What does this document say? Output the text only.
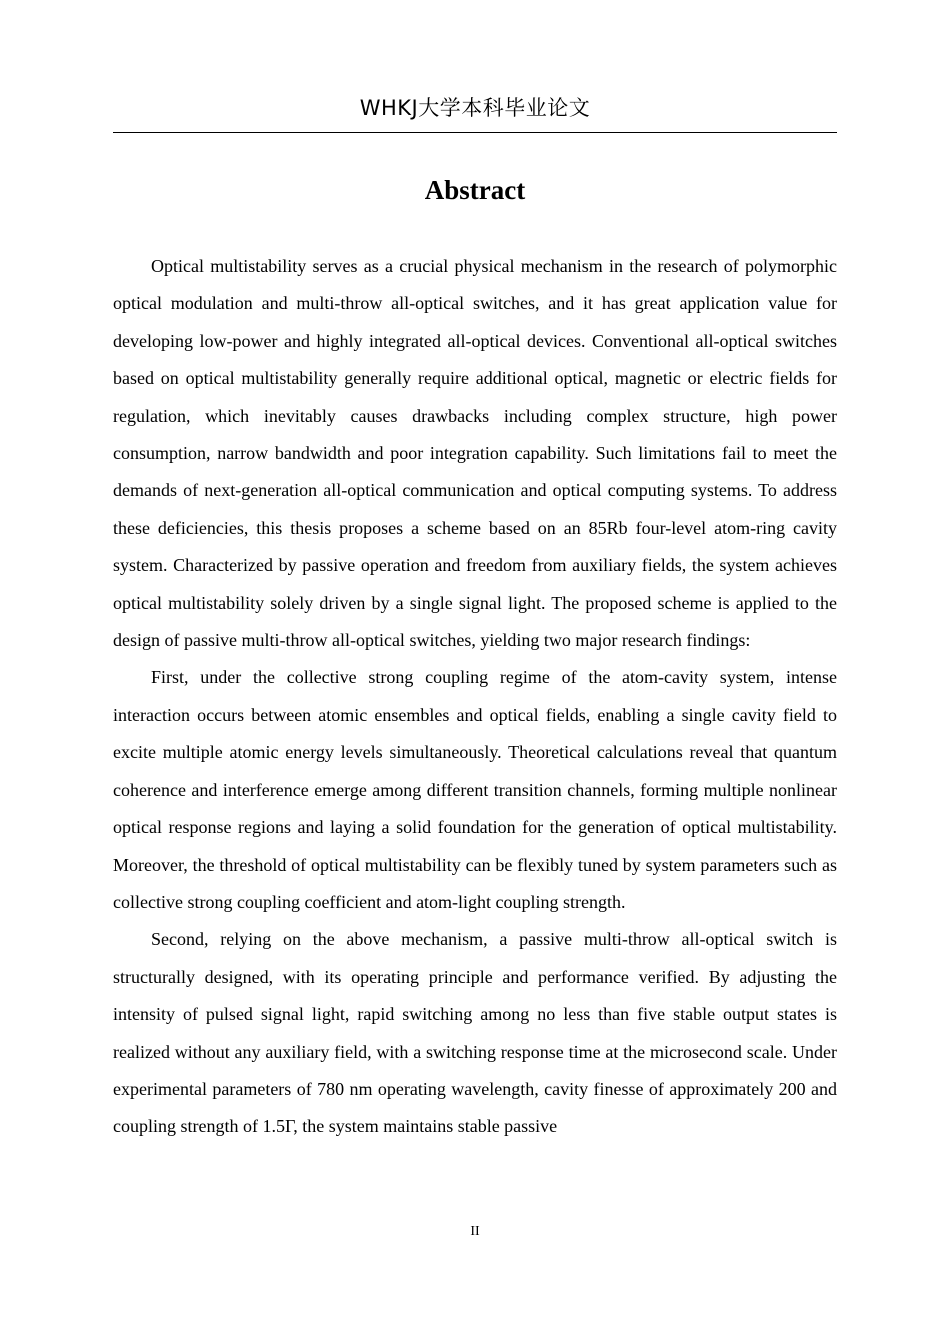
WHKJ大学本科毕业论文
Abstract

Optical multistability serves as a crucial physical mechanism in the research of polymorphic optical modulation and multi-throw all-optical switches, and it has great application value for developing low-power and highly integrated all-optical devices. Conventional all-optical switches based on optical multistability generally require additional optical, magnetic or electric fields for regulation, which inevitably causes drawbacks including complex structure, high power consumption, narrow bandwidth and poor integration capability. Such limitations fail to meet the demands of next-generation all-optical communication and optical computing systems. To address these deficiencies, this thesis proposes a scheme based on an 85Rb four-level atom-ring cavity system. Characterized by passive operation and freedom from auxiliary fields, the system achieves optical multistability solely driven by a single signal light. The proposed scheme is applied to the design of passive multi-throw all-optical switches, yielding two major research findings:

First, under the collective strong coupling regime of the atom-cavity system, intense interaction occurs between atomic ensembles and optical fields, enabling a single cavity field to excite multiple atomic energy levels simultaneously. Theoretical calculations reveal that quantum coherence and interference emerge among different transition channels, forming multiple nonlinear optical response regions and laying a solid foundation for the generation of optical multistability. Moreover, the threshold of optical multistability can be flexibly tuned by system parameters such as collective strong coupling coefficient and atom-light coupling strength.

Second, relying on the above mechanism, a passive multi-throw all-optical switch is structurally designed, with its operating principle and performance verified. By adjusting the intensity of pulsed signal light, rapid switching among no less than five stable output states is realized without any auxiliary field, with a switching response time at the microsecond scale. Under experimental parameters of 780 nm operating wavelength, cavity finesse of approximately 200 and coupling strength of 1.5Γ, the system maintains stable passive

II
